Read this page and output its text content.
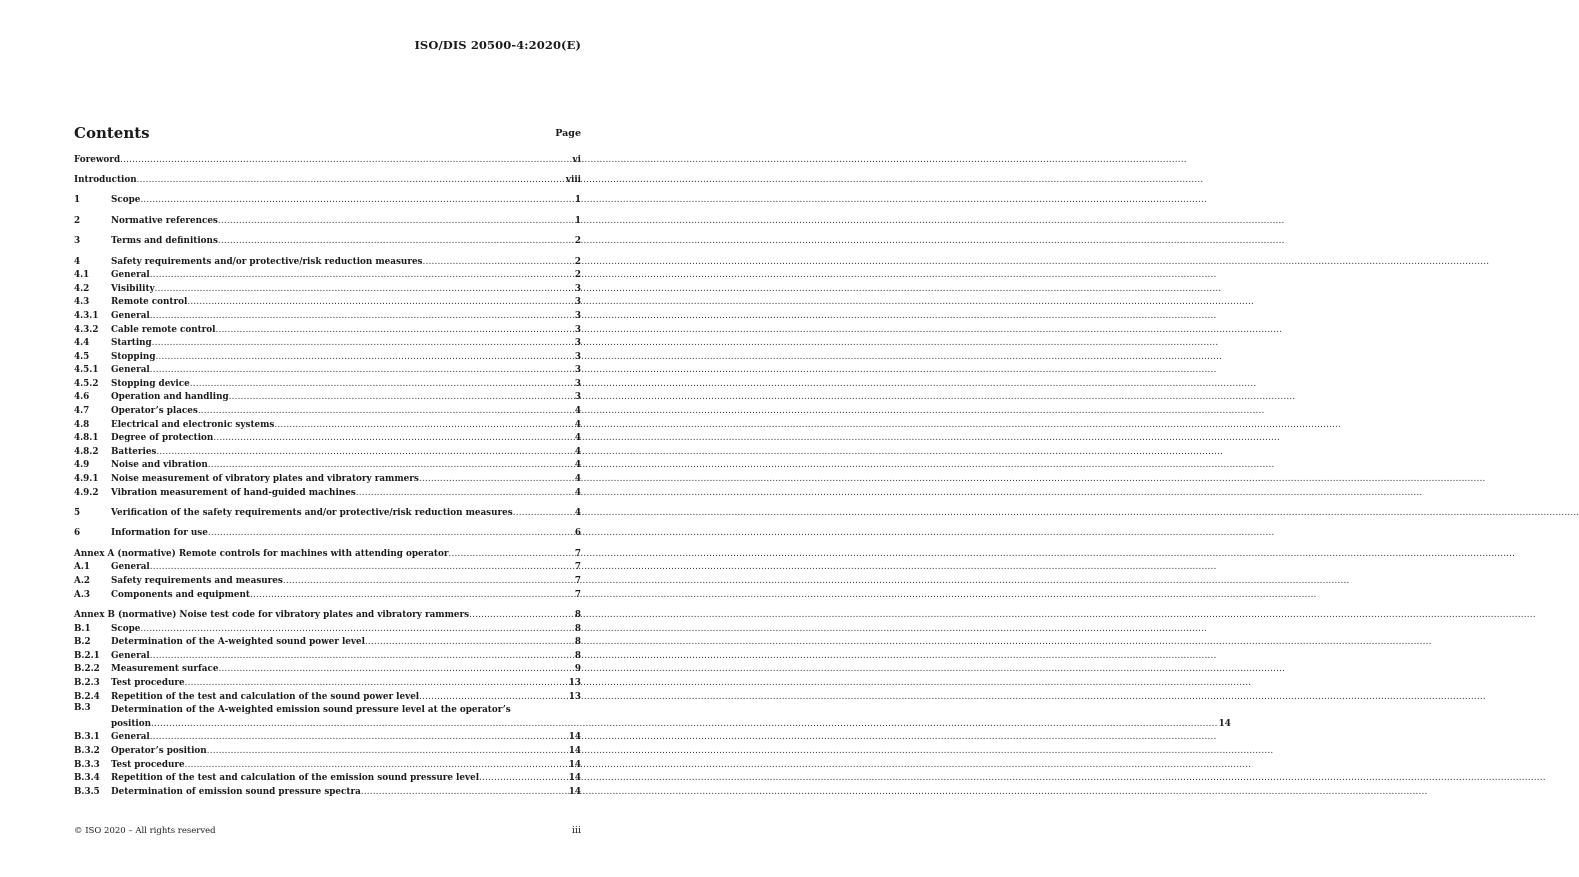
ISO/DIS 20500-4:2020(E)
Contents	Page
Foreword .....	vi
Introduction .....	viii
1	Scope .....	1
2	Normative references .....	1
3	Terms and definitions .....	2
4	Safety requirements and/or protective/risk reduction measures .....	2
4.1	General .....	2
4.2	Visibility .....	3
4.3	Remote control .....	3
4.3.1	General .....	3
4.3.2	Cable remote control .....	3
4.4	Starting .....	3
4.5	Stopping .....	3
4.5.1	General .....	3
4.5.2	Stopping device .....	3
4.6	Operation and handling .....	3
4.7	Operator’s places .....	4
4.8	Electrical and electronic systems .....	4
4.8.1	Degree of protection .....	4
4.8.2	Batteries .....	4
4.9	Noise and vibration .....	4
4.9.1	Noise measurement of vibratory plates and vibratory rammers .....	4
4.9.2	Vibration measurement of hand-guided machines .....	4
5	Verification of the safety requirements and/or protective/risk reduction measures .....	4
6	Information for use .....	6
Annex A (normative) Remote controls for machines with attending operator .....	7
A.1	General .....	7
A.2	Safety requirements and measures .....	7
A.3	Components and equipment .....	7
Annex B (normative) Noise test code for vibratory plates and vibratory rammers .....	8
B.1	Scope .....	8
B.2	Determination of the A-weighted sound power level .....	8
B.2.1	General .....	8
B.2.2	Measurement surface .....	9
B.2.3	Test procedure .....	13
B.2.4	Repetition of the test and calculation of the sound power level .....	13
B.3	Determination of the A-weighted emission sound pressure level at the operator’s
position .....	14
B.3.1	General .....	14
B.3.2	Operator’s position .....	14
B.3.3	Test procedure .....	14
B.3.4	Repetition of the test and calculation of the emission sound pressure level .....	14
B.3.5	Determination of emission sound pressure spectra .....	14
© ISO 2020 – All rights reserved	iii
